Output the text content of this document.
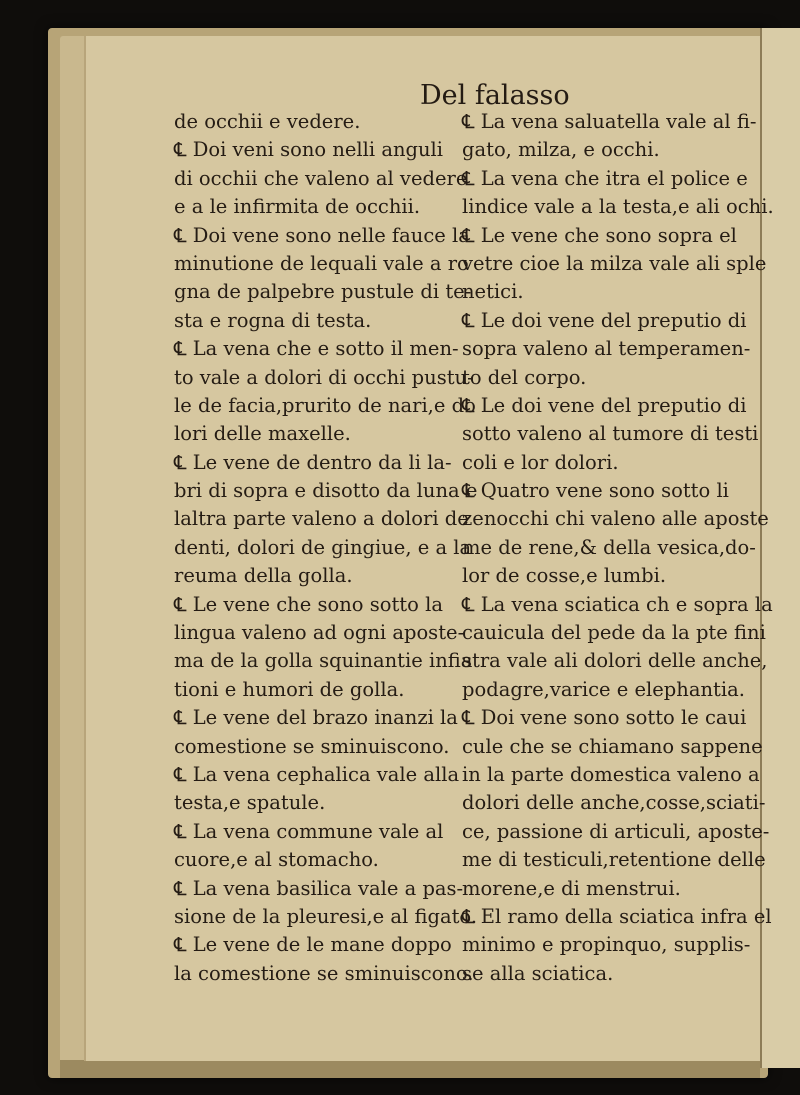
Del falasso
de occhii e vedere.
℄ Doi veni sono nelli anguli
di occhii che valeno al vedere
e a le infirmita de occhii.
℄ Doi vene sono nelle fauce la
minutione de lequali vale a ro
gna de palpebre pustule di te‐
sta e rogna di testa.
℄ La vena che e sotto il men‐
to vale a dolori di occhi pustu‐
le de facia,prurito de nari,e do
lori delle maxelle.
℄ Le vene de dentro da li la‐
bri di sopra e disotto da luna e
laltra parte valeno a dolori de
denti, dolori de gingiue, e a la
reuma della golla.
℄ Le vene che sono sotto la
lingua valeno ad ogni aposte‐
ma de la golla squinantie infia
tioni e humori de golla.
℄ Le vene del brazo inanzi la
comestione se sminuiscono.
℄ La vena cephalica vale alla
testa,e spatule.
℄ La vena commune vale al
cuore,e al stomacho.
℄ La vena basilica vale a pas‐
sione de la pleuresi,e al figato.
℄ Le vene de le mane doppo
la comestione se sminuiscono.
℄ La vena saluatella vale al fi‐
gato, milza, e occhi.
℄ La vena che itra el police e
lindice vale a la testa,e ali ochi.
℄ Le vene che sono sopra el
vetre cioe la milza vale ali sple
netici.
℄ Le doi vene del preputio di
sopra valeno al temperamen‐
to del corpo.
℄ Le doi vene del preputio di
sotto valeno al tumore di testi
coli e lor dolori.
℄ Quatro vene sono sotto li
zenocchi chi valeno alle aposte
me de rene,& della vesica,do‐
lor de cosse,e lumbi.
℄ La vena sciatica ch e sopra la
cauicula del pede da la pte fini
stra vale ali dolori delle anche,
podagre,varice e elephantia.
℄ Doi vene sono sotto le caui
cule che se chiamano sappene
in la parte domestica valeno a
dolori delle anche,cosse,sciati‐
ce, passione di articuli, aposte‐
me di testiculi,retentione delle
morene,e di menstrui.
℄ El ramo della sciatica infra el
minimo e propinquo, supplis‐
se alla sciatica.
